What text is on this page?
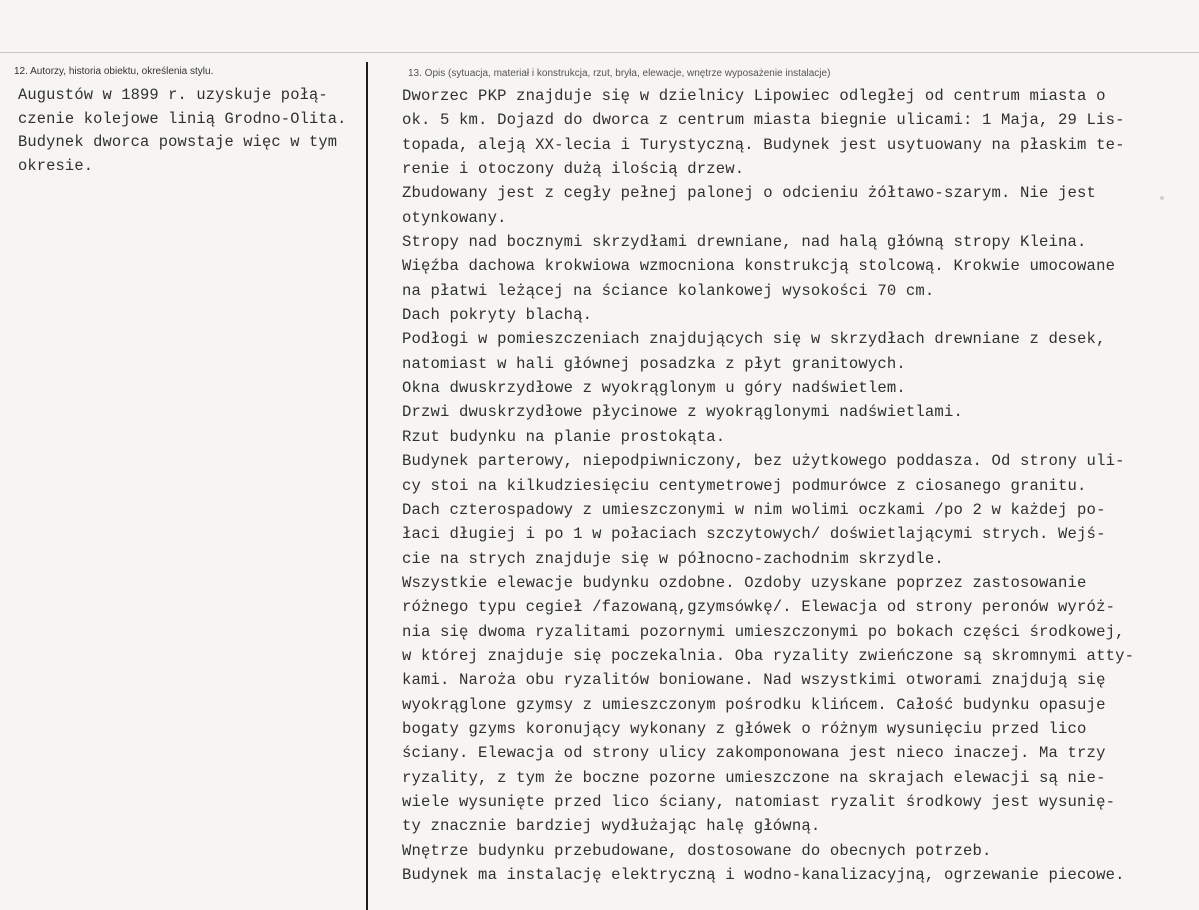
12. Autorzy, historia obiektu, określenia stylu.	13. Opis (sytuacja, materiał i konstrukcja, rzut, bryła, elewacje, wnętrze wyposażenie instalacje)
Augustów w 1899 r. uzyskuje połą-
czenie kolejowe linią Grodno-Olita.
Budynek dworca powstaje więc w tym
okresie.
Dworzec PKP znajduje się w dzielnicy Lipowiec odległej od centrum miasta o
ok. 5 km. Dojazd do dworca z centrum miasta biegnie ulicami: 1 Maja, 29 Lis-
topada, aleją XX-lecia i Turystyczną. Budynek jest usytuowany na płaskim te-
renie i otoczony dużą ilością drzew.
Zbudowany jest z cegły pełnej palonej o odcieniu żółtawo-szarym. Nie jest
otynkowany.
Stropy nad bocznymi skrzydłami drewniane, nad halą główną stropy Kleina.
Więźba dachowa krokwiowa wzmocniona konstrukcją stolcową. Krokwie umocowane
na płatwi leżącej na ściance kolankowej wysokości 70 cm.
Dach pokryty blachą.
Podłogi w pomieszczeniach znajdujących się w skrzydłach drewniane z desek,
natomiast w hali głównej posadzka z płyt granitowych.
Okna dwuskrzydłowe z wyokrąglonym u góry nadświetlem.
Drzwi dwuskrzydłowe płycinowe z wyokrąglonymi nadświetlami.
Rzut budynku na planie prostokąta.
Budynek parterowy, niepodpiwniczony, bez użytkowego poddasza. Od strony uli-
cy stoi na kilkudziesięciu centymetrowej podmurówce z ciosanego granitu.
Dach czterospadowy z umieszczonymi w nim wolimi oczkami /po 2 w każdej po-
łaci długiej i po 1 w połaciach szczytowych/ doświetlającymi strych. Wejś-
cie na strych znajduje się w północno-zachodnim skrzydle.
Wszystkie elewacje budynku ozdobne. Ozdoby uzyskane poprzez zastosowanie
różnego typu cegieł /fazowaną,gzymsówkę/. Elewacja od strony peronów wyróż-
nia się dwoma ryzalitami pozornymi umieszczonymi po bokach części środkowej,
w której znajduje się poczekalnia. Oba ryzality zwieńczone są skromnymi atty-
kami. Naroża obu ryzalitów boniowane. Nad wszystkimi otworami znajdują się
wyokrąglone gzymsy z umieszczonym pośrodku klińcem. Całość budynku opasuje
bogaty gzyms koronujący wykonany z główek o różnym wysunięciu przed lico
ściany. Elewacja od strony ulicy zakomponowana jest nieco inaczej. Ma trzy
ryzality, z tym że boczne pozorne umieszczone na skrajach elewacji są nie-
wiele wysunięte przed lico ściany, natomiast ryzalit środkowy jest wysunię-
ty znacznie bardziej wydłużając halę główną.
Wnętrze budynku przebudowane, dostosowane do obecnych potrzeb.
Budynek ma instalację elektryczną i wodno-kanalizacyjną, ogrzewanie piecowe.
